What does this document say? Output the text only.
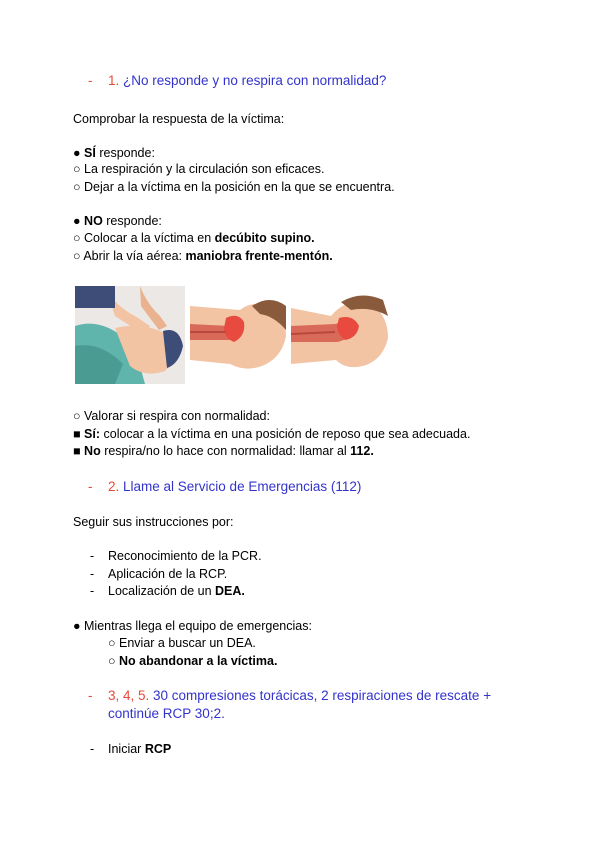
- 1. ¿No responde y no respira con normalidad?
Comprobar la respuesta de la víctima:
● SÍ responde:
○ La respiración y la circulación son eficaces.
○ Dejar a la víctima en la posición en la que se encuentra.
● NO responde:
○ Colocar a la víctima en decúbito supino.
○ Abrir la vía aérea: maniobra frente-mentón.
○ Valorar si respira con normalidad:
■ Sí: colocar a la víctima en una posición de reposo que sea adecuada.
■ No respira/no lo hace con normalidad: llamar al 112.
- 2. Llame al Servicio de Emergencias (112)
Seguir sus instrucciones por:
- Reconocimiento de la PCR.
- Aplicación de la RCP.
- Localización de un DEA.
● Mientras llega el equipo de emergencias:
○ Enviar a buscar un DEA.
○ No abandonar a la víctima.
- 3, 4, 5. 30 compresiones torácicas, 2 respiraciones de rescate +
continúe RCP 30;2.
- Iniciar RCP
